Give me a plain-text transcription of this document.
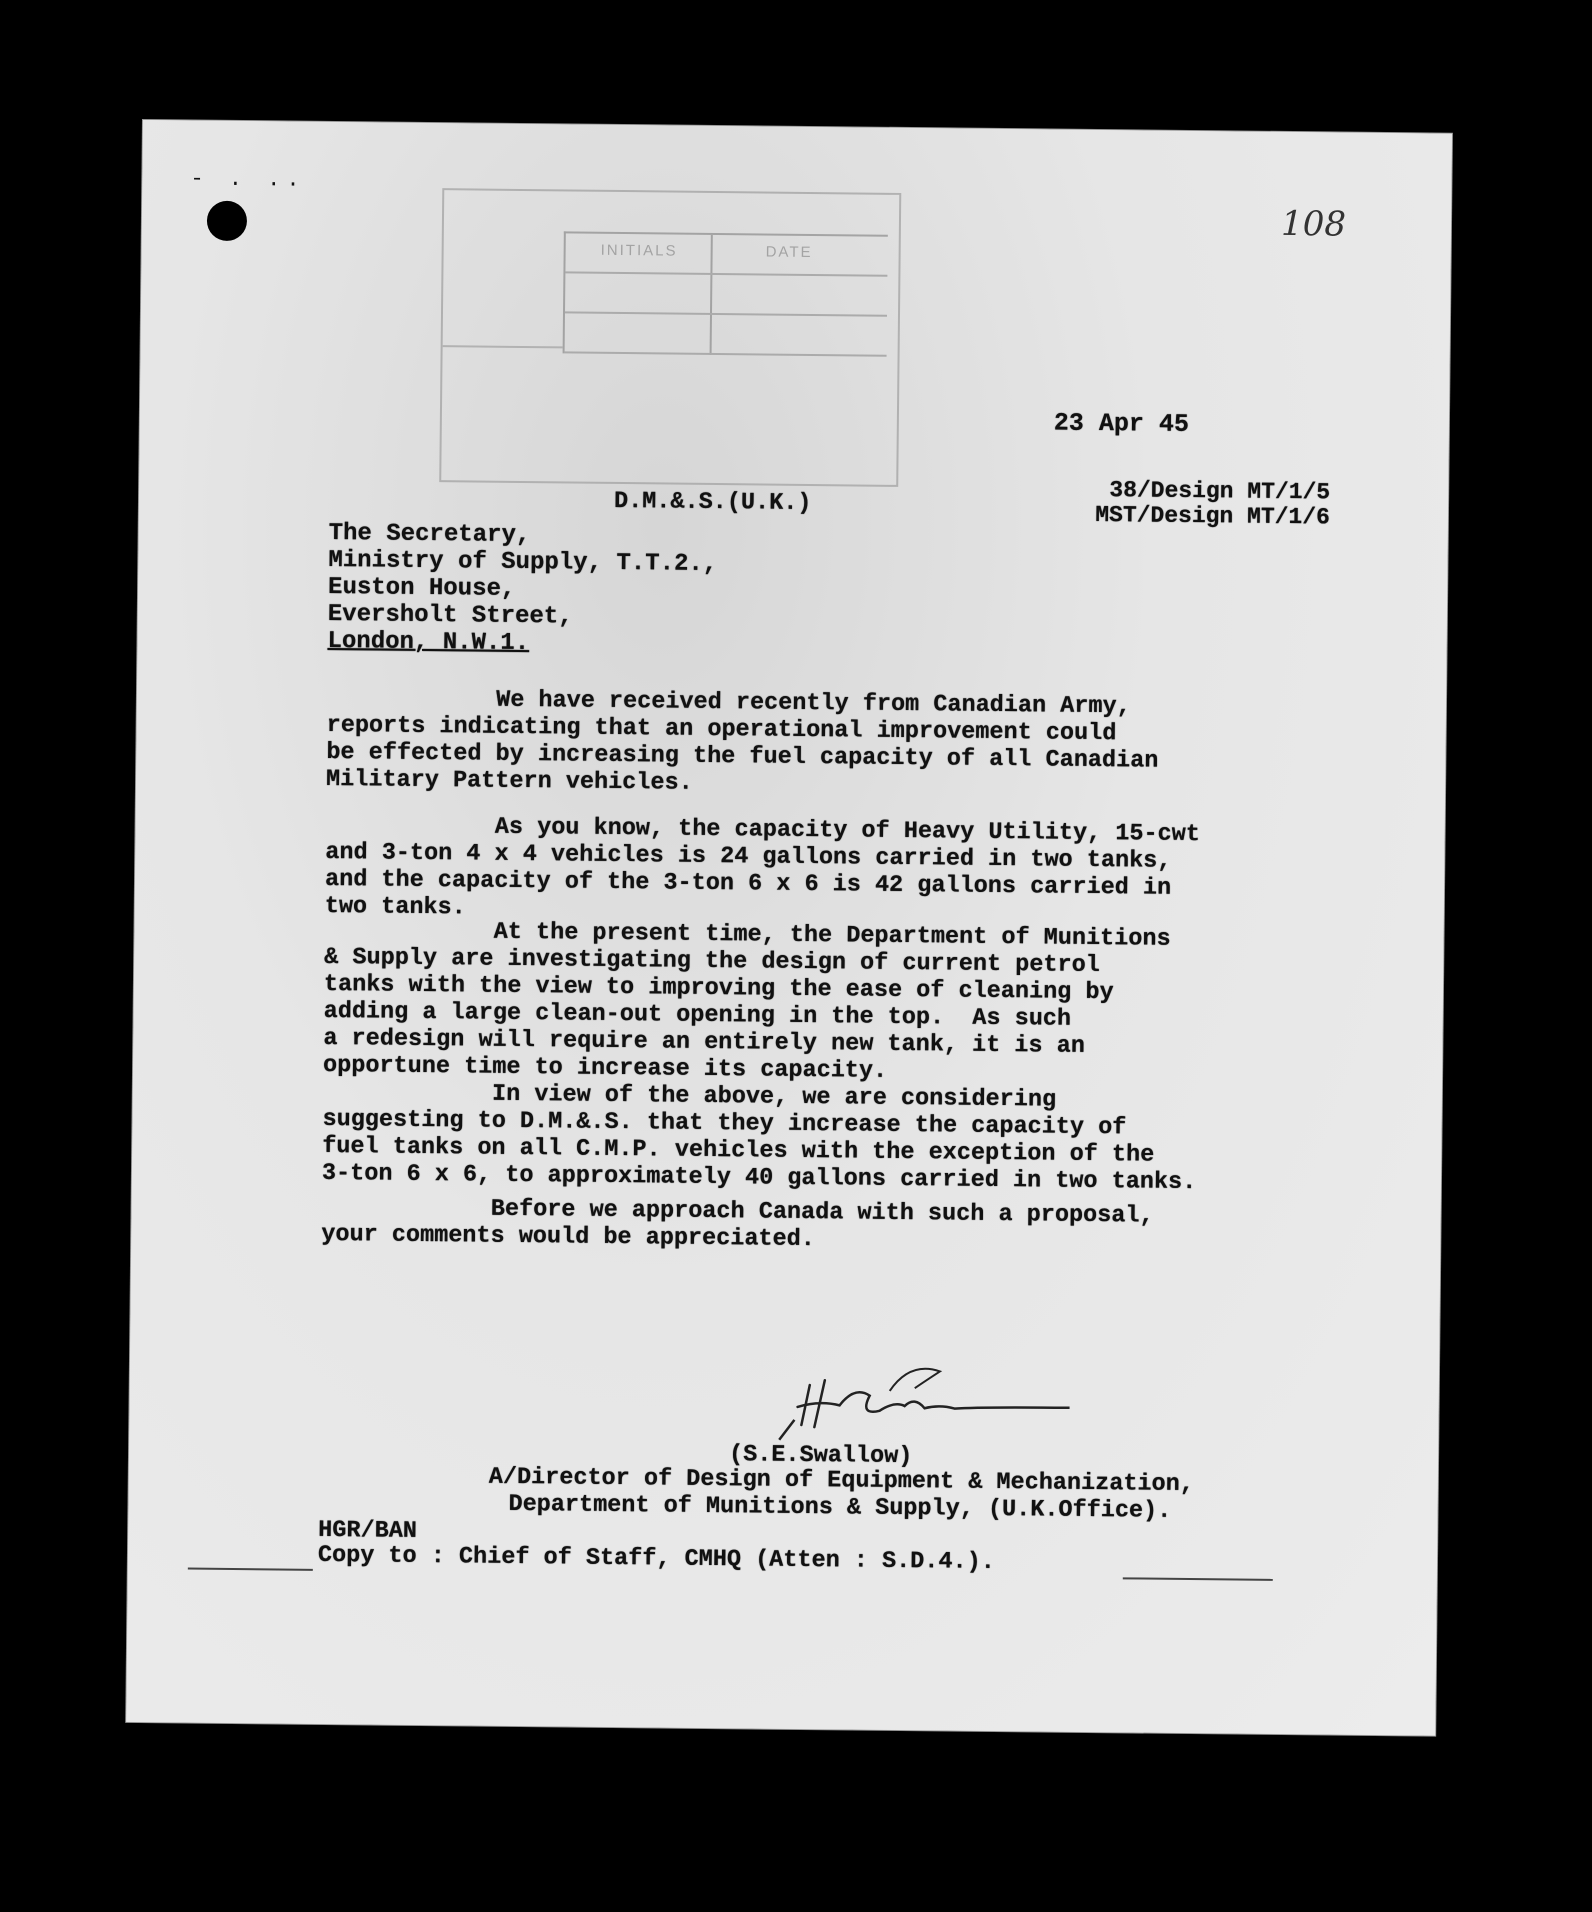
- . ..
INITIALS	DATE
108
23 Apr 45
38/Design MT/1/5
MST/Design MT/1/6
D.M.&.S.(U.K.)
The Secretary,
Ministry of Supply, T.T.2.,
Euston House,
Eversholt Street,
London, N.W.1.
We have received recently from Canadian Army,
reports indicating that an operational improvement could
be effected by increasing the fuel capacity of all Canadian
Military Pattern vehicles.
As you know, the capacity of Heavy Utility, 15-cwt
and 3-ton 4 x 4 vehicles is 24 gallons carried in two tanks,
and the capacity of the 3-ton 6 x 6 is 42 gallons carried in
two tanks.
At the present time, the Department of Munitions
& Supply are investigating the design of current petrol
tanks with the view to improving the ease of cleaning by
adding a large clean-out opening in the top.  As such
a redesign will require an entirely new tank, it is an
opportune time to increase its capacity.
In view of the above, we are considering
suggesting to D.M.&.S. that they increase the capacity of
fuel tanks on all C.M.P. vehicles with the exception of the
3-ton 6 x 6, to approximately 40 gallons carried in two tanks.
Before we approach Canada with such a proposal,
your comments would be appreciated.
(S.E.Swallow)
A/Director of Design of Equipment & Mechanization,
Department of Munitions & Supply, (U.K.Office).
HGR/BAN
Copy to : Chief of Staff, CMHQ (Atten : S.D.4.).
